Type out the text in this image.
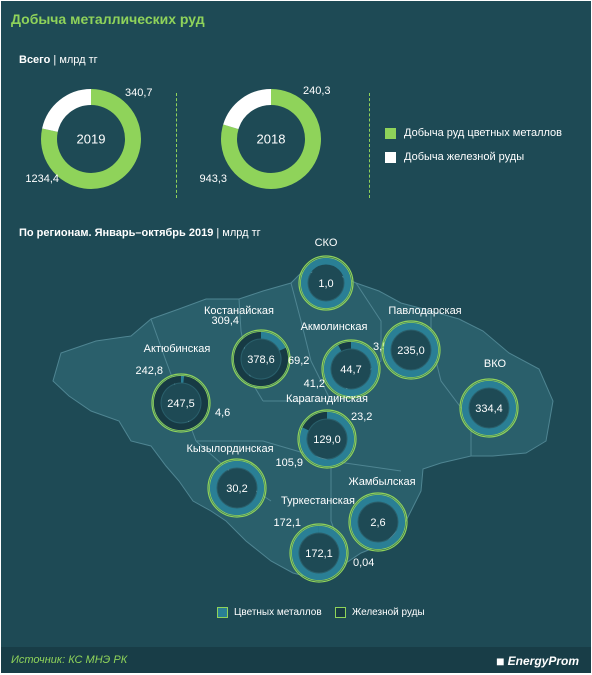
Добыча металлических руд
Всего | млрд тг
По регионам. Январь–октябрь 2019 | млрд тг
Добыча руд цветных металлов
Добыча железной руды
2019
1234,4
340,7
2018
943,3
240,3
378,6 69,2
309,4
Костанайская
247,5
4,6
242,8
Актюбинская
1,0
СКО
44,7
41,2
3,5
Акмолинская
235,0
Павлодарская
334,4
ВКО
129,0
105,9
23,2
Карагандинская
30,2
Кызылординская
2,6
Жамбылская
172,1
172,1
0,04
Туркестанская
Цветных металлов	Железной руды
Источник: КС МНЭ РК	■ EnergyProm
